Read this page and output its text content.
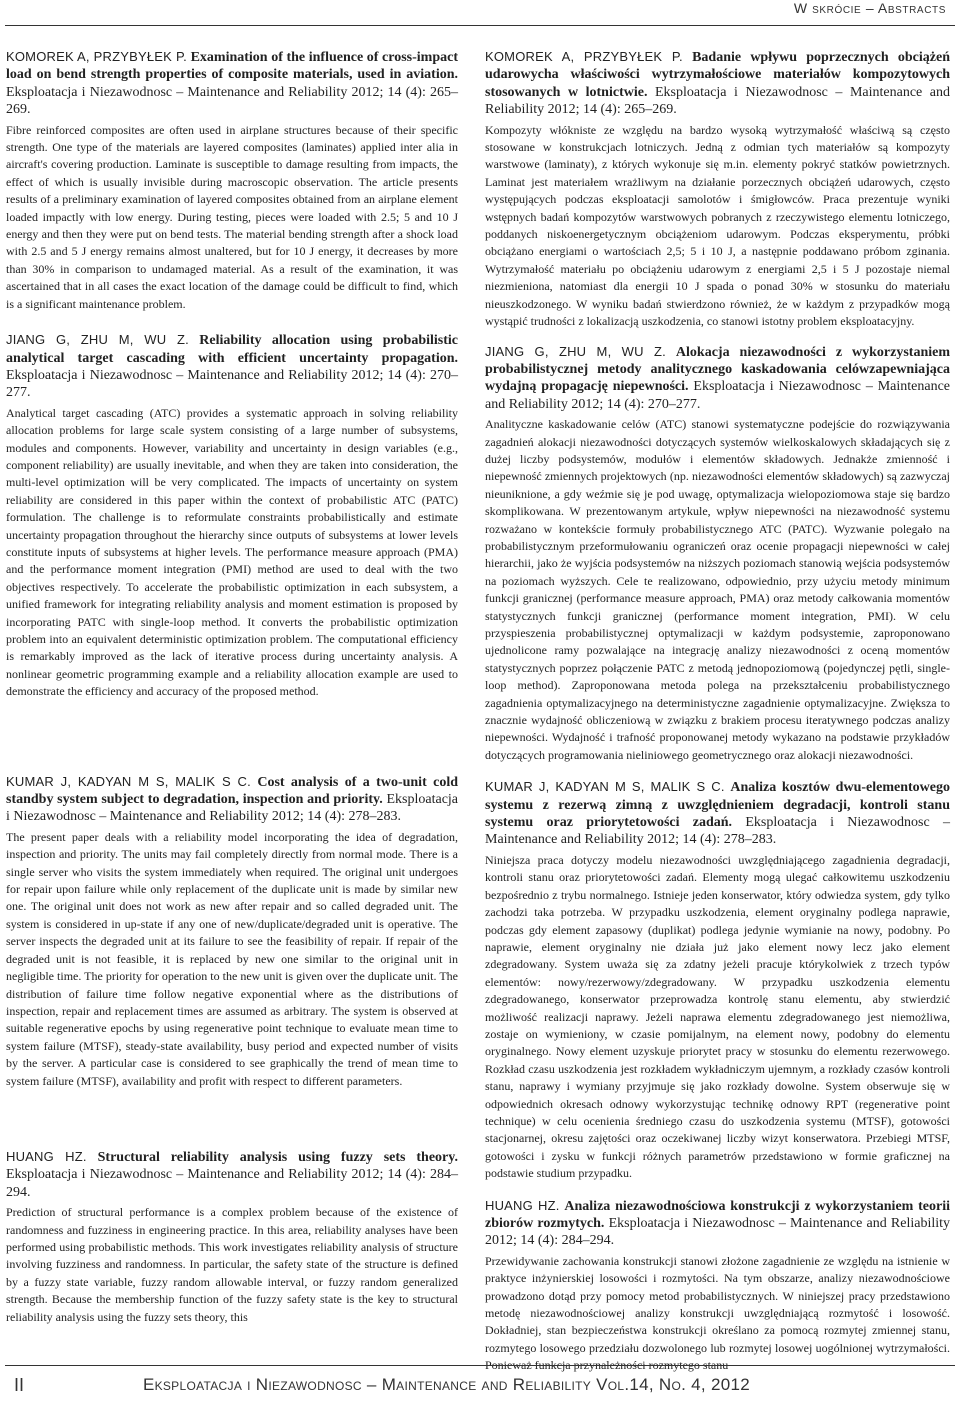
W skrócie – Abstracts

KOMOREK A, PRZYBYŁEK P. Examination of the influence of cross-impact load on bend strength properties of composite materials, used in aviation. Eksploatacja i Niezawodnosc – Maintenance and Reliability 2012; 14 (4): 265–269.

Fibre reinforced composites are often used in airplane structures because of their specific strength. One type of the materials are layered composites (laminates) applied inter alia in aircraft's covering production. Laminate is susceptible to damage resulting from impacts, the effect of which is usually invisible during macroscopic observation. The article presents results of a preliminary examination of layered composites obtained from an airplane element loaded impactly with low energy. During testing, pieces were loaded with 2.5; 5 and 10 J energy and then they were put on bend tests. The material bending strength after a shock load with 2.5 and 5 J energy remains almost unaltered, but for 10 J energy, it decreases by more than 30% in comparison to undamaged material. As a result of the examination, it was ascertained that in all cases the exact location of the damage could be difficult to find, which is a significant maintenance problem.

JIANG G, ZHU M, WU Z. Reliability allocation using probabilistic analytical target cascading with efficient uncertainty propagation. Eksploatacja i Niezawodnosc – Maintenance and Reliability 2012; 14 (4): 270–277.

Analytical target cascading (ATC) provides a systematic approach in solving reliability allocation problems for large scale system consisting of a large number of subsystems, modules and components. However, variability and uncertainty in design variables (e.g., component reliability) are usually inevitable, and when they are taken into consideration, the multi-level optimization will be very complicated. The impacts of uncertainty on system reliability are considered in this paper within the context of probabilistic ATC (PATC) formulation. The challenge is to reformulate constraints probabilistically and estimate uncertainty propagation throughout the hierarchy since outputs of subsystems at lower levels constitute inputs of subsystems at higher levels. The performance measure approach (PMA) and the performance moment integration (PMI) method are used to deal with the two objectives respectively. To accelerate the probabilistic optimization in each subsystem, a unified framework for integrating reliability analysis and moment estimation is proposed by incorporating PATC with single-loop method. It converts the probabilistic optimization problem into an equivalent deterministic optimization problem. The computational efficiency is remarkably improved as the lack of iterative process during uncertainty analysis. A nonlinear geometric programming example and a reliability allocation example are used to demonstrate the efficiency and accuracy of the proposed method.

KUMAR J, KADYAN M S, MALIK S C. Cost analysis of a two-unit cold standby system subject to degradation, inspection and priority. Eksploatacja i Niezawodnosc – Maintenance and Reliability 2012; 14 (4): 278–283.

The present paper deals with a reliability model incorporating the idea of degradation, inspection and priority. The units may fail completely directly from normal mode. There is a single server who visits the system immediately when required. The original unit undergoes for repair upon failure while only replacement of the duplicate unit is made by similar new one. The original unit does not work as new after repair and so called degraded unit. The system is considered in up-state if any one of new/duplicate/degraded unit is operative. The server inspects the degraded unit at its failure to see the feasibility of repair. If repair of the degraded unit is not feasible, it is replaced by new one similar to the original unit in negligible time. The priority for operation to the new unit is given over the duplicate unit. The distribution of failure time follow negative exponential where as the distributions of inspection, repair and replacement times are assumed as arbitrary. The system is observed at suitable regenerative epochs by using regenerative point technique to evaluate mean time to system failure (MTSF), steady-state availability, busy period and expected number of visits by the server. A particular case is considered to see graphically the trend of mean time to system failure (MTSF), availability and profit with respect to different parameters.

HUANG HZ. Structural reliability analysis using fuzzy sets theory. Eksploatacja i Niezawodnosc – Maintenance and Reliability 2012; 14 (4): 284–294.

Prediction of structural performance is a complex problem because of the existence of randomness and fuzziness in engineering practice. In this area, reliability analyses have been performed using probabilistic methods. This work investigates reliability analysis of structure involving fuzziness and randomness. In particular, the safety state of the structure is defined by a fuzzy state variable, fuzzy random allowable interval, or fuzzy random generalized strength. Because the membership function of the fuzzy safety state is the key to structural reliability analysis using the fuzzy sets theory, this

KOMOREK A, PRZYBYŁEK P. Badanie wpływu poprzecznych obciążeń udarowycha właściwości wytrzymałościowe materiałów kompozytowych stosowanych w lotnictwie. Eksploatacja i Niezawodnosc – Maintenance and Reliability 2012; 14 (4): 265–269.

Kompozyty włókniste ze względu na bardzo wysoką wytrzymałość właściwą są często stosowane w konstrukcjach lotniczych. Jedną z odmian tych materiałów są kompozyty warstwowe (laminaty), z których wykonuje się m.in. elementy pokryć statków powietrznych. Laminat jest materiałem wrażliwym na działanie porzecznych obciążeń udarowych, często występujących podczas eksploatacji samolotów i śmigłowców. Praca prezentuje wyniki wstępnych badań kompozytów warstwowych pobranych z rzeczywistego elementu lotniczego, poddanych niskoenergetycznym obciążeniom udarowym. Podczas eksperymentu, próbki obciążano energiami o wartościach 2,5; 5 i 10 J, a następnie poddawano próbom zginania. Wytrzymałość materiału po obciążeniu udarowym z energiami 2,5 i 5 J pozostaje niemal niezmieniona, natomiast dla energii 10 J spada o ponad 30% w stosunku do materiału nieuszkodzonego. W wyniku badań stwierdzono również, że w każdym z przypadków mogą wystąpić trudności z lokalizacją uszkodzenia, co stanowi istotny problem eksploatacyjny.

JIANG G, ZHU M, WU Z. Alokacja niezawodności z wykorzystaniem probabilistycznej metody analitycznego kaskadowania celówzapewniająca wydajną propagację niepewności. Eksploatacja i Niezawodnosc – Maintenance and Reliability 2012; 14 (4): 270–277.

Analityczne kaskadowanie celów (ATC) stanowi systematyczne podejście do rozwiązywania zagadnień alokacji niezawodności dotyczących systemów wielkoskalowych składających się z dużej liczby podsystemów, modułów i elementów składowych. Jednakże zmienność i niepewność zmiennych projektowych (np. niezawodności elementów składowych) są zazwyczaj nieuniknione, a gdy weźmie się je pod uwagę, optymalizacja wielopoziomowa staje się bardzo skomplikowana. W prezentowanym artykule, wpływ niepewności na niezawodność systemu rozważano w kontekście formuły probabilistycznego ATC (PATC). Wyzwanie polegało na probabilistycznym przeformułowaniu ograniczeń oraz ocenie propagacji niepewności w całej hierarchii, jako że wyjścia podsystemów na niższych poziomach stanowią wejścia podsystemów na poziomach wyższych. Cele te realizowano, odpowiednio, przy użyciu metody minimum funkcji granicznej (performance measure approach, PMA) oraz metody całkowania momentów statystycznych funkcji granicznej (performance moment integration, PMI). W celu przyspieszenia probabilistycznej optymalizacji w każdym podsystemie, zaproponowano ujednolicone ramy pozwalające na integrację analizy niezawodności z oceną momentów statystycznych poprzez połączenie PATC z metodą jednopoziomową (pojedynczej pętli, single-loop method). Zaproponowana metoda polega na przekształceniu probabilistycznego zagadnienia optymalizacyjnego na deterministyczne zagadnienie optymalizacyjne. Zwiększa to znacznie wydajność obliczeniową w związku z brakiem procesu iteratywnego podczas analizy niepewności. Wydajność i trafność proponowanej metody wykazano na podstawie przykładów dotyczących programowania nieliniowego geometrycznego oraz alokacji niezawodności.

KUMAR J, KADYAN M S, MALIK S C. Analiza kosztów dwu-elementowego systemu z rezerwą zimną z uwzględnieniem degradacji, kontroli stanu systemu oraz priorytetowości zadań. Eksploatacja i Niezawodnosc – Maintenance and Reliability 2012; 14 (4): 278–283.

Niniejsza praca dotyczy modelu niezawodności uwzględniającego zagadnienia degradacji, kontroli stanu oraz priorytetowości zadań. Elementy mogą ulegać całkowitemu uszkodzeniu bezpośrednio z trybu normalnego. Istnieje jeden konserwator, który odwiedza system, gdy tylko zachodzi taka potrzeba. W przypadku uszkodzenia, element oryginalny podlega naprawie, podczas gdy element zapasowy (duplikat) podlega jedynie wymianie na nowy, podobny. Po naprawie, element oryginalny nie działa już jako element nowy lecz jako element zdegradowany. System uważa się za zdatny jeżeli pracuje którykolwiek z trzech typów elementów: nowy/rezerwowy/zdegradowany. W przypadku uszkodzenia elementu zdegradowanego, konserwator przeprowadza kontrolę stanu elementu, aby stwierdzić możliwość realizacji naprawy. Jeżeli naprawa elementu zdegradowanego jest niemożliwa, zostaje on wymieniony, w czasie pomijalnym, na element nowy, podobny do elementu oryginalnego. Nowy element uzyskuje priorytet pracy w stosunku do elementu rezerwowego. Rozkład czasu uszkodzenia jest rozkładem wykładniczym ujemnym, a rozkłady czasów kontroli stanu, naprawy i wymiany przyjmuje się jako rozkłady dowolne. System obserwuje się w odpowiednich okresach odnowy wykorzystując technikę odnowy RPT (regenerative point technique) w celu ocenienia średniego czasu do uszkodzenia systemu (MTSF), gotowości stacjonarnej, okresu zajętości oraz oczekiwanej liczby wizyt konserwatora. Przebiegi MTSF, gotowości i zysku w funkcji różnych parametrów przedstawiono w formie graficznej na podstawie studium przypadku.

HUANG HZ. Analiza niezawodnościowa konstrukcji z wykorzystaniem teorii zbiorów rozmytych. Eksploatacja i Niezawodnosc – Maintenance and Reliability 2012; 14 (4): 284–294.

Przewidywanie zachowania konstrukcji stanowi złożone zagadnienie ze względu na istnienie w praktyce inżynierskiej losowości i rozmytości. Na tym obszarze, analizy niezawodnościowe prowadzono dotąd przy pomocy metod probabilistycznych. W niniejszej pracy przedstawiono metodę niezawodnościowej analizy konstrukcji uwzględniającą rozmytość i losowość. Dokładniej, stan bezpieczeństwa konstrukcji określano za pomocą rozmytej zmiennej stanu, rozmytego losowego przedziału dozwolonego lub rozmytej losowej uogólnionej wytrzymałości. Ponieważ funkcja przynależności rozmytego stanu

II	Eksploatacja i Niezawodnosc – Maintenance and Reliability Vol.14, No. 4, 2012
